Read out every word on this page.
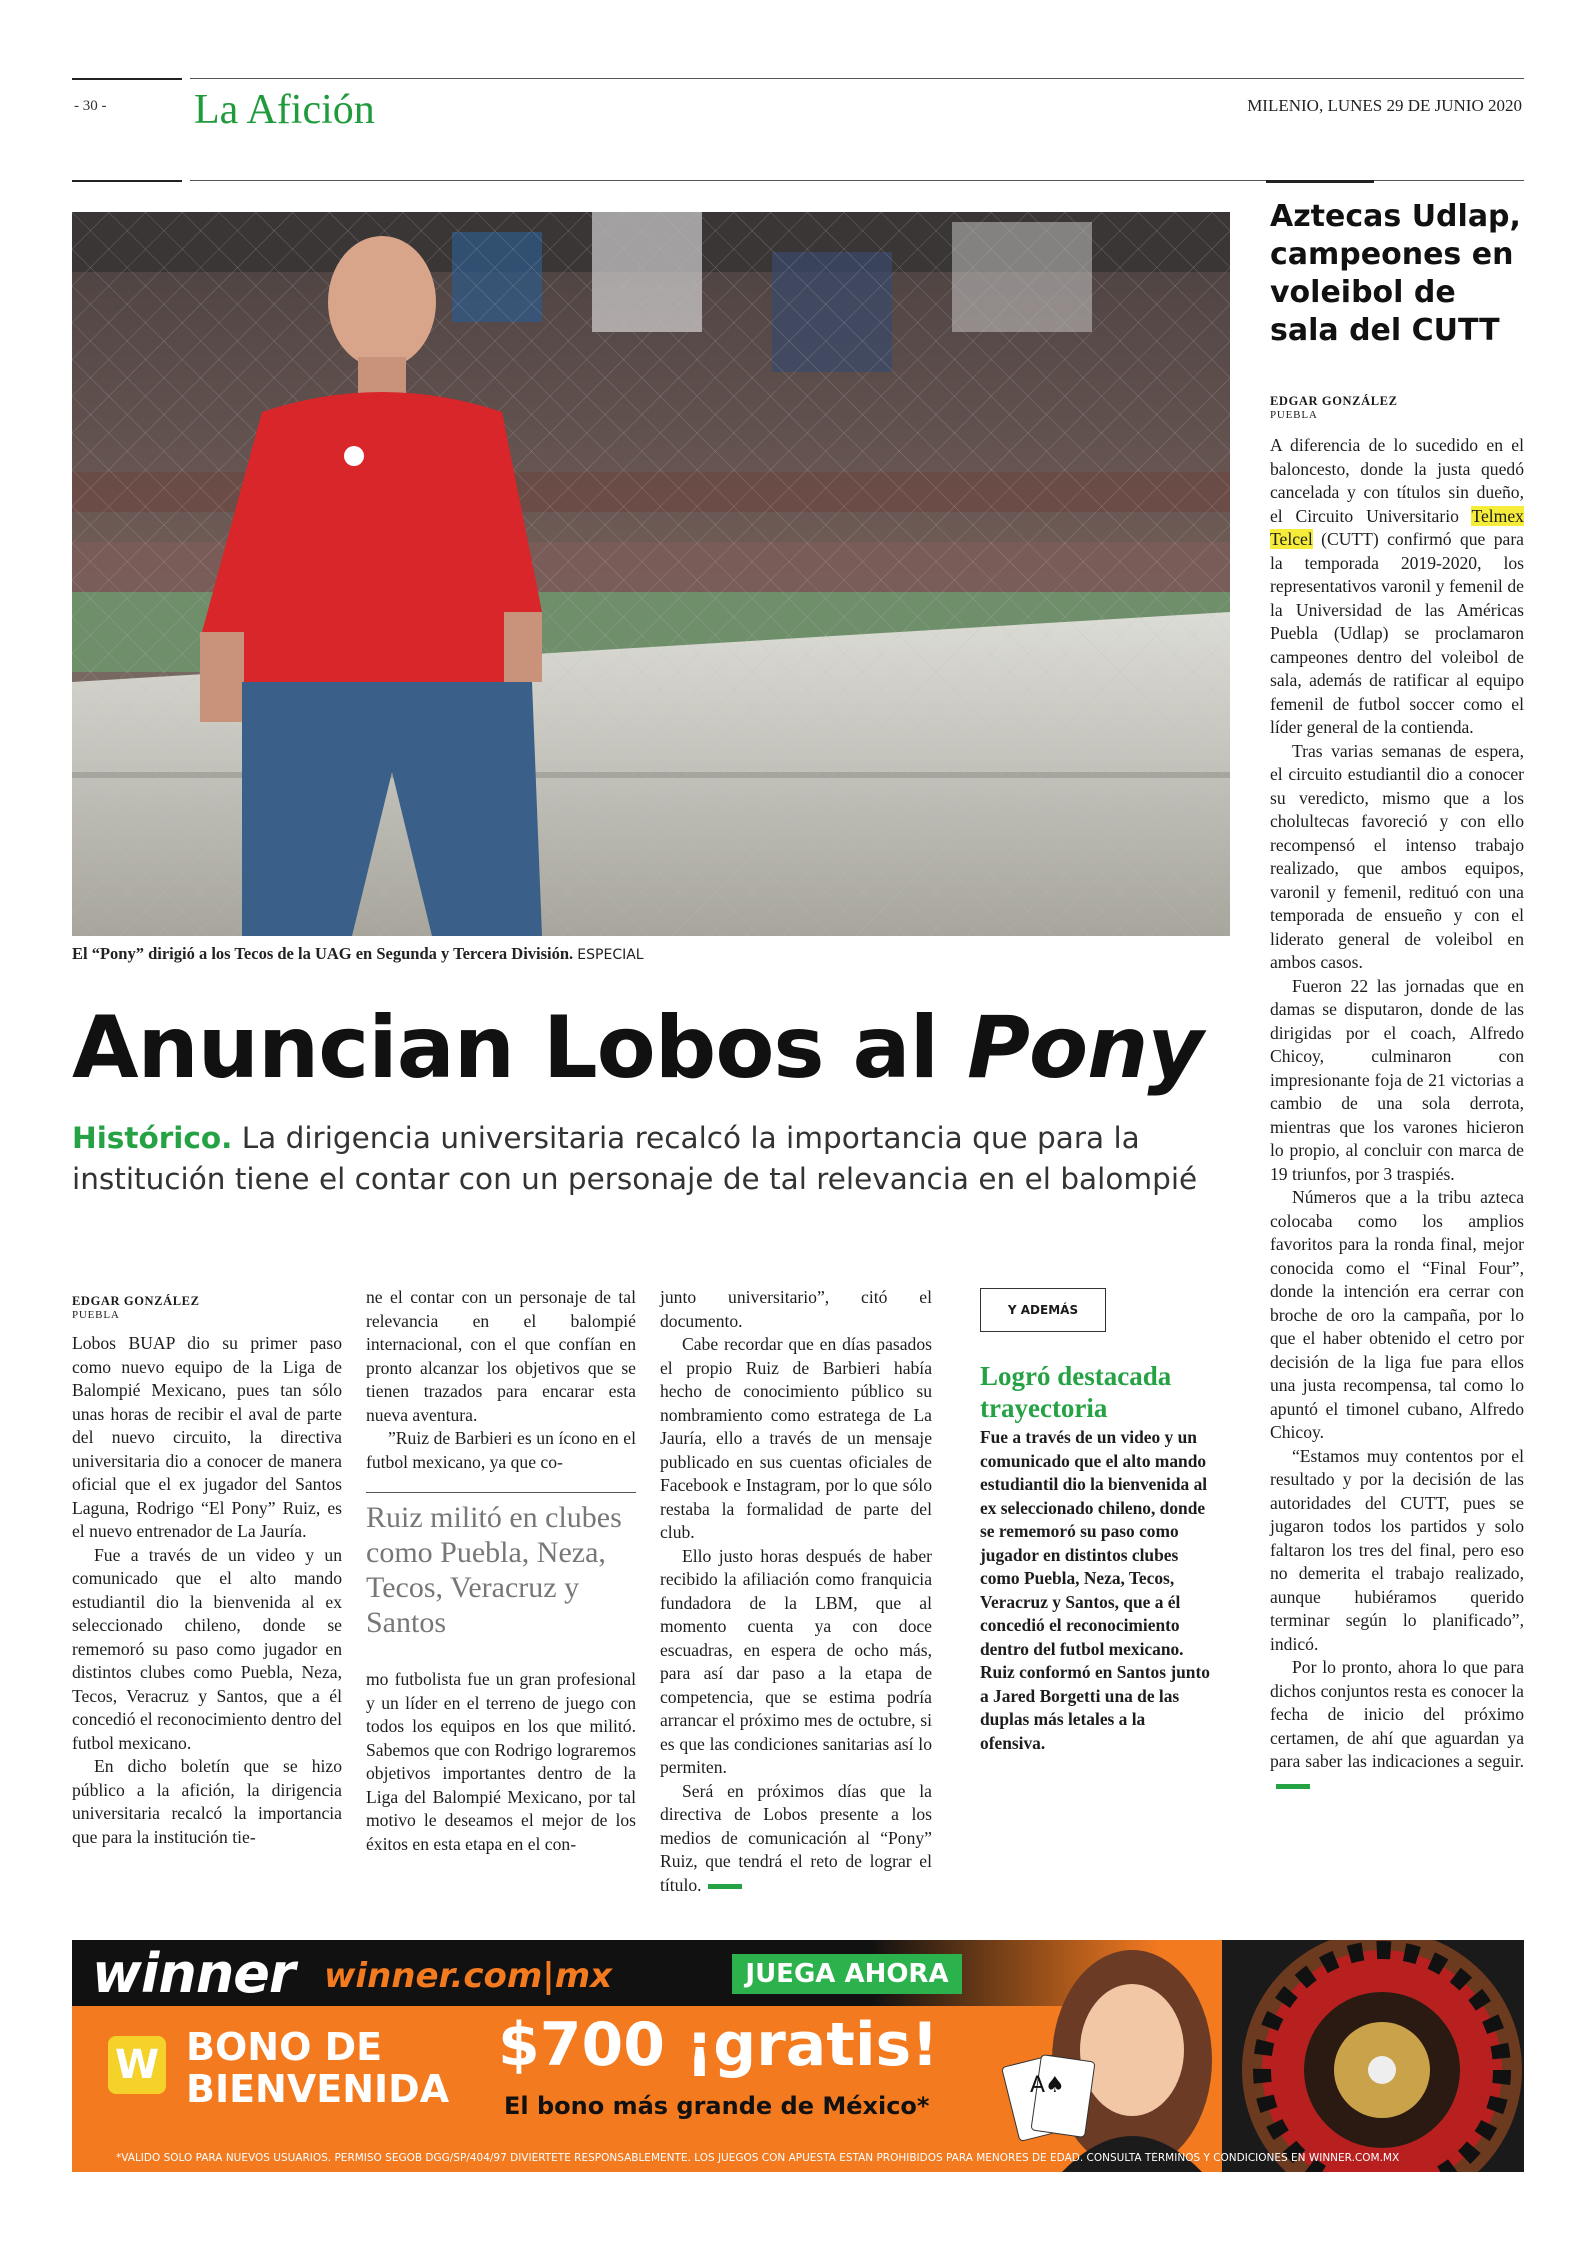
- 30 - La Afición	MILENIO, LUNES 29 DE JUNIO 2020
El “Pony” dirigió a los Tecos de la UAG en Segunda y Tercera División. ESPECIAL
Anuncian Lobos al Pony
Histórico. La dirigencia universitaria recalcó la importancia que para la institución tiene el contar con un personaje de tal relevancia en el balompié
EDGAR GONZÁLEZ
PUEBLA

Lobos BUAP dio su primer paso como nuevo equipo de la Liga de Balompié Mexicano, pues tan sólo unas horas de recibir el aval de parte del nuevo circuito, la directiva universitaria dio a conocer de manera oficial que el ex jugador del Santos Laguna, Rodrigo “El Pony” Ruiz, es el nuevo entrenador de La Jauría.

Fue a través de un video y un comunicado que el alto mando estudiantil dio la bienvenida al ex seleccionado chileno, donde se rememoró su paso como jugador en distintos clubes como Puebla, Neza, Tecos, Veracruz y Santos, que a él concedió el reconocimiento dentro del futbol mexicano.

En dicho boletín que se hizo público a la afición, la dirigencia universitaria recalcó la importancia que para la institución tie-

ne el contar con un personaje de tal relevancia en el balompié internacional, con el que confían en pronto alcanzar los objetivos que se tienen trazados para encarar esta nueva aventura.

”Ruiz de Barbieri es un ícono en el futbol mexicano, ya que co-

Ruiz militó en clubes como Puebla, Neza, Tecos, Veracruz y Santos

mo futbolista fue un gran profesional y un líder en el terreno de juego con todos los equipos en los que militó. Sabemos que con Rodrigo lograremos objetivos importantes dentro de la Liga del Balompié Mexicano, por tal motivo le deseamos el mejor de los éxitos en esta etapa en el con-

junto universitario”, citó el documento.

Cabe recordar que en días pasados el propio Ruiz de Barbieri había hecho de conocimiento público su nombramiento como estratega de La Jauría, ello a través de un mensaje publicado en sus cuentas oficiales de Facebook e Instagram, por lo que sólo restaba la formalidad de parte del club.

Ello justo horas después de haber recibido la afiliación como franquicia fundadora de la LBM, que al momento cuenta ya con doce escuadras, en espera de ocho más, para así dar paso a la etapa de competencia, que se estima podría arrancar el próximo mes de octubre, si es que las condiciones sanitarias así lo permiten.

Será en próximos días que la directiva de Lobos presente a los medios de comunicación al “Pony” Ruiz, que tendrá el reto de lograr el título.

Y ADEMÁS
Logró destacada trayectoria
Fue a través de un video y un comunicado que el alto mando estudiantil dio la bienvenida al ex seleccionado chileno, donde se rememoró su paso como jugador en distintos clubes como Puebla, Neza, Tecos, Veracruz y Santos, que a él concedió el reconocimiento dentro del futbol mexicano. Ruiz conformó en Santos junto a Jared Borgetti una de las duplas más letales a la ofensiva.
Aztecas Udlap, campeones en voleibol de sala del CUTT
EDGAR GONZÁLEZ
PUEBLA

A diferencia de lo sucedido en el baloncesto, donde la justa quedó cancelada y con títulos sin dueño, el Circuito Universitario Telmex Telcel (CUTT) confirmó que para la temporada 2019-2020, los representativos varonil y femenil de la Universidad de las Américas Puebla (Udlap) se proclamaron campeones dentro del voleibol de sala, además de ratificar al equipo femenil de futbol soccer como el líder general de la contienda.

Tras varias semanas de espera, el circuito estudiantil dio a conocer su veredicto, mismo que a los cholultecas favoreció y con ello recompensó el intenso trabajo realizado, que ambos equipos, varonil y femenil, redituó con una temporada de ensueño y con el liderato general de voleibol en ambos casos.

Fueron 22 las jornadas que en damas se disputaron, donde de las dirigidas por el coach, Alfredo Chicoy, culminaron con impresionante foja de 21 victorias a cambio de una sola derrota, mientras que los varones hicieron lo propio, al concluir con marca de 19 triunfos, por 3 traspiés.

Números que a la tribu azteca colocaba como los amplios favoritos para la ronda final, mejor conocida como el “Final Four”, donde la intención era cerrar con broche de oro la campaña, por lo que el haber obtenido el cetro por decisión de la liga fue para ellos una justa recompensa, tal como lo apuntó el timonel cubano, Alfredo Chicoy.

“Estamos muy contentos por el resultado y por la decisión de las autoridades del CUTT, pues se jugaron todos los partidos y solo faltaron los tres del final, pero eso no demerita el trabajo realizado, aunque hubiéramos querido terminar según lo planificado”, indicó.

Por lo pronto, ahora lo que para dichos conjuntos resta es conocer la fecha de inicio del próximo certamen, de ahí que aguardan ya para saber las indicaciones a seguir.

winner winner.com|mx	JUEGA AHORA
W BONO DE
BIENVENIDA
$700 ¡gratis!
El bono más grande de México*
A♠
*VÁLIDO SÓLO PARA NUEVOS USUARIOS. PERMISO SEGOB DGG/SP/404/97 DIVIÉRTETE RESPONSABLEMENTE. LOS JUEGOS CON APUESTA ESTÁN PROHIBIDOS PARA MENORES DE EDAD. CONSULTA TÉRMINOS Y CONDICIONES EN WINNER.COM.MX
